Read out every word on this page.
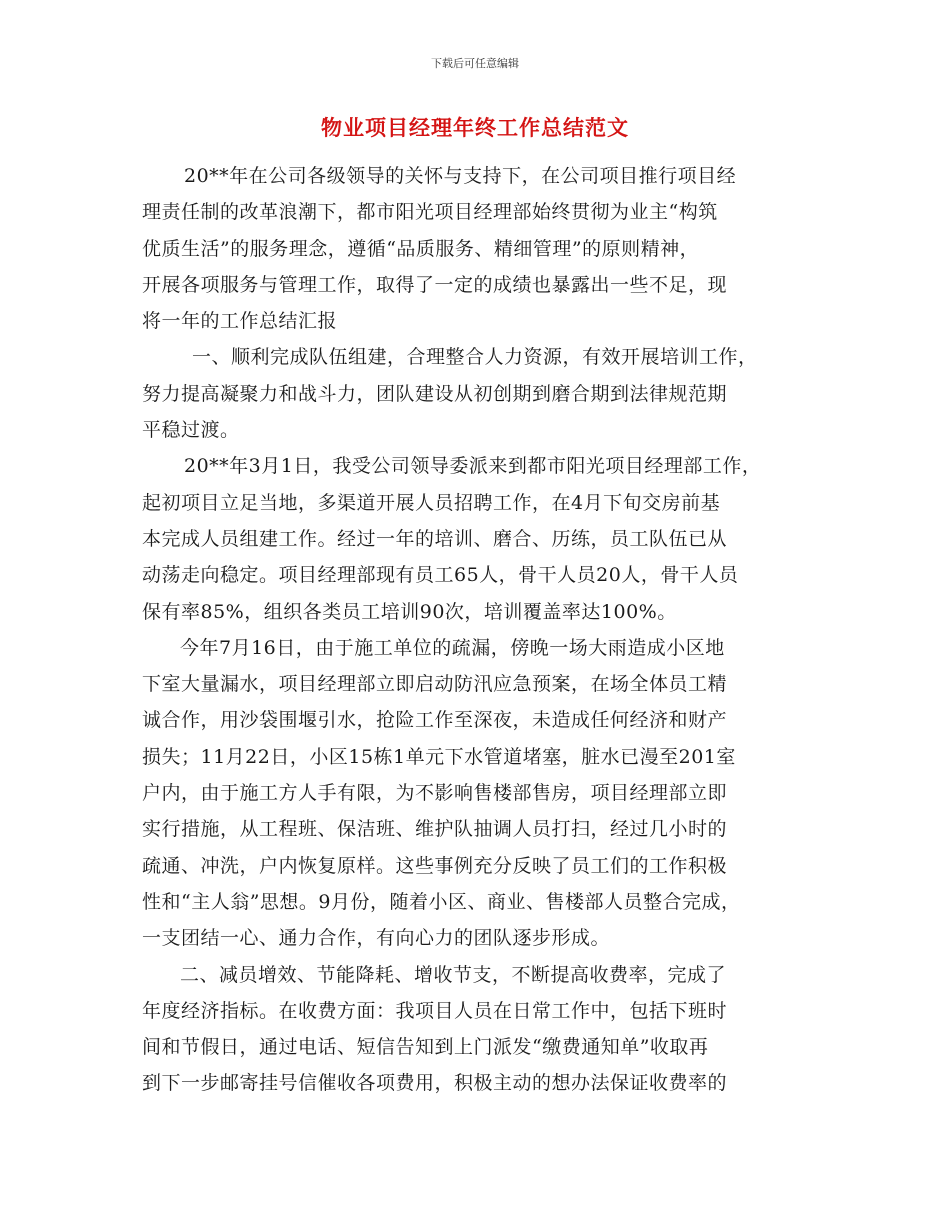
下载后可任意编辑
物业项目经理年终工作总结范文
20**年在公司各级领导的关怀与支持下，在公司项目推行项目经
理责任制的改革浪潮下，都市阳光项目经理部始终贯彻为业主“构筑
优质生活”的服务理念，遵循“品质服务、精细管理”的原则精神，
开展各项服务与管理工作，取得了一定的成绩也暴露出一些不足，现
将一年的工作总结汇报
一、顺利完成队伍组建，合理整合人力资源，有效开展培训工作，
努力提高凝聚力和战斗力，团队建设从初创期到磨合期到法律规范期
平稳过渡。
20**年3月1日，我受公司领导委派来到都市阳光项目经理部工作，
起初项目立足当地，多渠道开展人员招聘工作，在4月下旬交房前基
本完成人员组建工作。经过一年的培训、磨合、历练，员工队伍已从
动荡走向稳定。项目经理部现有员工65人，骨干人员20人，骨干人员
保有率85%，组织各类员工培训90次，培训覆盖率达100%。
今年7月16日，由于施工单位的疏漏，傍晚一场大雨造成小区地
下室大量漏水，项目经理部立即启动防汛应急预案，在场全体员工精
诚合作，用沙袋围堰引水，抢险工作至深夜，未造成任何经济和财产
损失；11月22日，小区15栋1单元下水管道堵塞，脏水已漫至201室
户内，由于施工方人手有限，为不影响售楼部售房，项目经理部立即
实行措施，从工程班、保洁班、维护队抽调人员打扫，经过几小时的
疏通、冲洗，户内恢复原样。这些事例充分反映了员工们的工作积极
性和“主人翁”思想。9月份，随着小区、商业、售楼部人员整合完成，
一支团结一心、通力合作，有向心力的团队逐步形成。
二、减员增效、节能降耗、增收节支，不断提高收费率，完成了
年度经济指标。在收费方面：我项目人员在日常工作中，包括下班时
间和节假日，通过电话、短信告知到上门派发“缴费通知单”收取再
到下一步邮寄挂号信催收各项费用，积极主动的想办法保证收费率的
